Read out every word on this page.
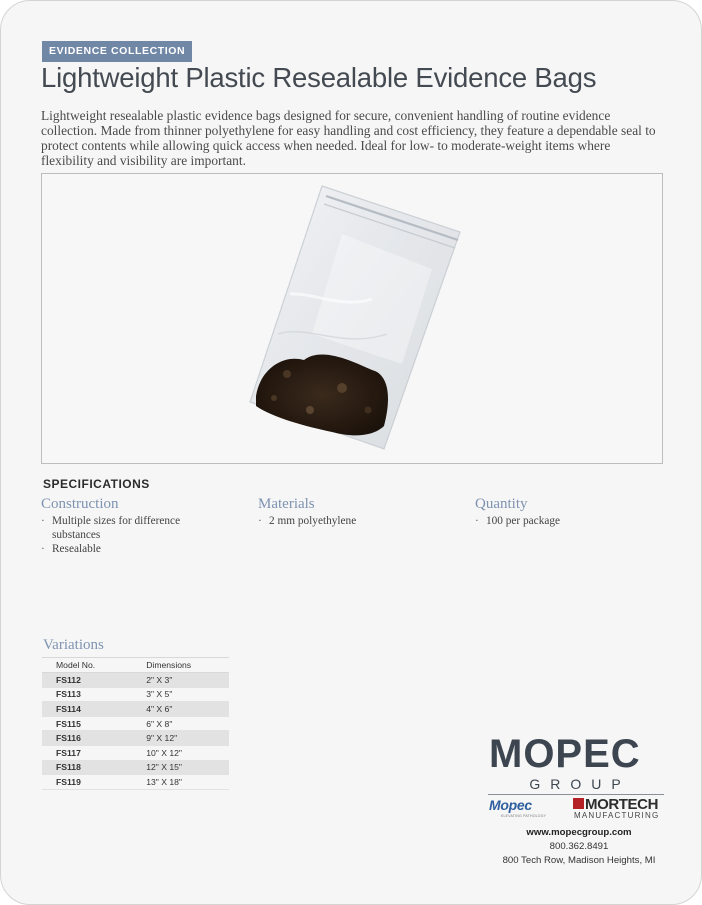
EVIDENCE COLLECTION
Lightweight Plastic Resealable Evidence Bags

Lightweight resealable plastic evidence bags designed for secure, convenient handling of routine evidence collection. Made from thinner polyethylene for easy handling and cost efficiency, they feature a dependable seal to protect contents while allowing quick access when needed. Ideal for low- to moderate-weight items where flexibility and visibility are important.

SPECIFICATIONS
Construction
· Multiple sizes for difference substances
· Resealable
Materials
· 2 mm polyethylene
Quantity
· 100 per package
Variations
Model No.	Dimensions
FS112	2" X 3"
FS113	3" X 5"
FS114	4" X 6"
FS115	6" X 8"
FS116	9" X 12"
FS117	10" X 12"
FS118	12" X 15"
FS119	13" X 18"
MOPEC
GROUP
Mopec
ELEVATING PATHOLOGY
MORTECH
MANUFACTURING
www.mopecgroup.com
800.362.8491
800 Tech Row, Madison Heights, MI
